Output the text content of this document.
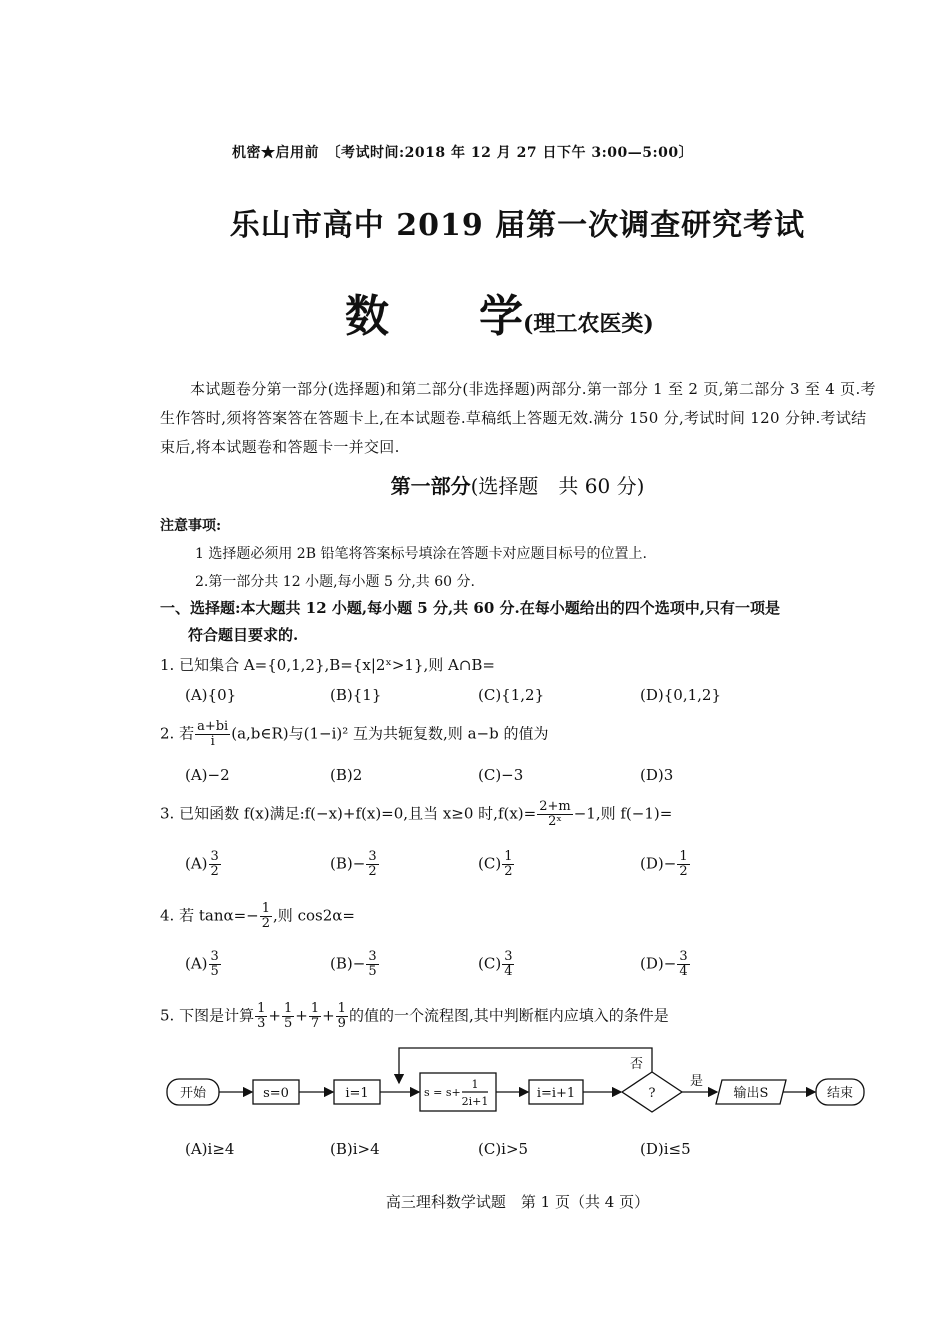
机密★启用前　〔考试时间:2018 年 12 月 27 日下午 3:00—5:00〕
乐山市高中 2019 届第一次调查研究考试
数 学(理工农医类)
本试题卷分第一部分(选择题)和第二部分(非选择题)两部分.第一部分 1 至 2 页,第二部分 3 至 4 页.考生作答时,须将答案答在答题卡上,在本试题卷.草稿纸上答题无效.满分 150 分,考试时间 120 分钟.考试结束后,将本试题卷和答题卡一并交回.
第一部分(选择题　共 60 分)
注意事项:
1 选择题必须用 2B 铅笔将答案标号填涂在答题卡对应题目标号的位置上.
2.第一部分共 12 小题,每小题 5 分,共 60 分.
一、选择题:本大题共 12 小题,每小题 5 分,共 60 分.在每小题给出的四个选项中,只有一项是
符合题目要求的.
1. 已知集合 A={0,1,2},B={x|2ˣ>1},则 A∩B=
(A){0}	(B){1}	(C){1,2}	(D){0,1,2}
2. 若 $\frac{a+bi}{i}$ (a,b∈R)与(1−i)² 互为共轭复数,则 a−b 的值为
(A)−2	(B)2	(C)−3	(D)3
3. 已知函数 f(x)满足:f(−x)+f(x)=0,且当 x≥0 时$,f(x)= \frac{2+m}{\text{2ˣ}} -1$,则 f(−1)=
$(A) \frac{3}{2}$	$(B)- \frac{3}{2}$	$(C) \frac{1}{2}$	$(D)- \frac{1}{2}$
4. 若 $\tan\alpha=- \frac{1}{2}$ ,则 cos2α=
$(A) \frac{3}{5}$	$(B)- \frac{3}{5}$	$(C) \frac{3}{4}$	$(D)- \frac{3}{4}$
5. 下图是计算 $\frac{1}{3} + \frac{1}{5} + \frac{1}{7} + \frac{1}{9}$ 的值的一个流程图,其中判断框内应填入的条件是
开始	s=0	i=1	s = s+
1
2i+1
i=i+1	?
否
是
输出S	结束
(A)i≥4	(B)i>4	(C)i>5	(D)i≤5
高三理科数学试题　第 1 页（共 4 页）
